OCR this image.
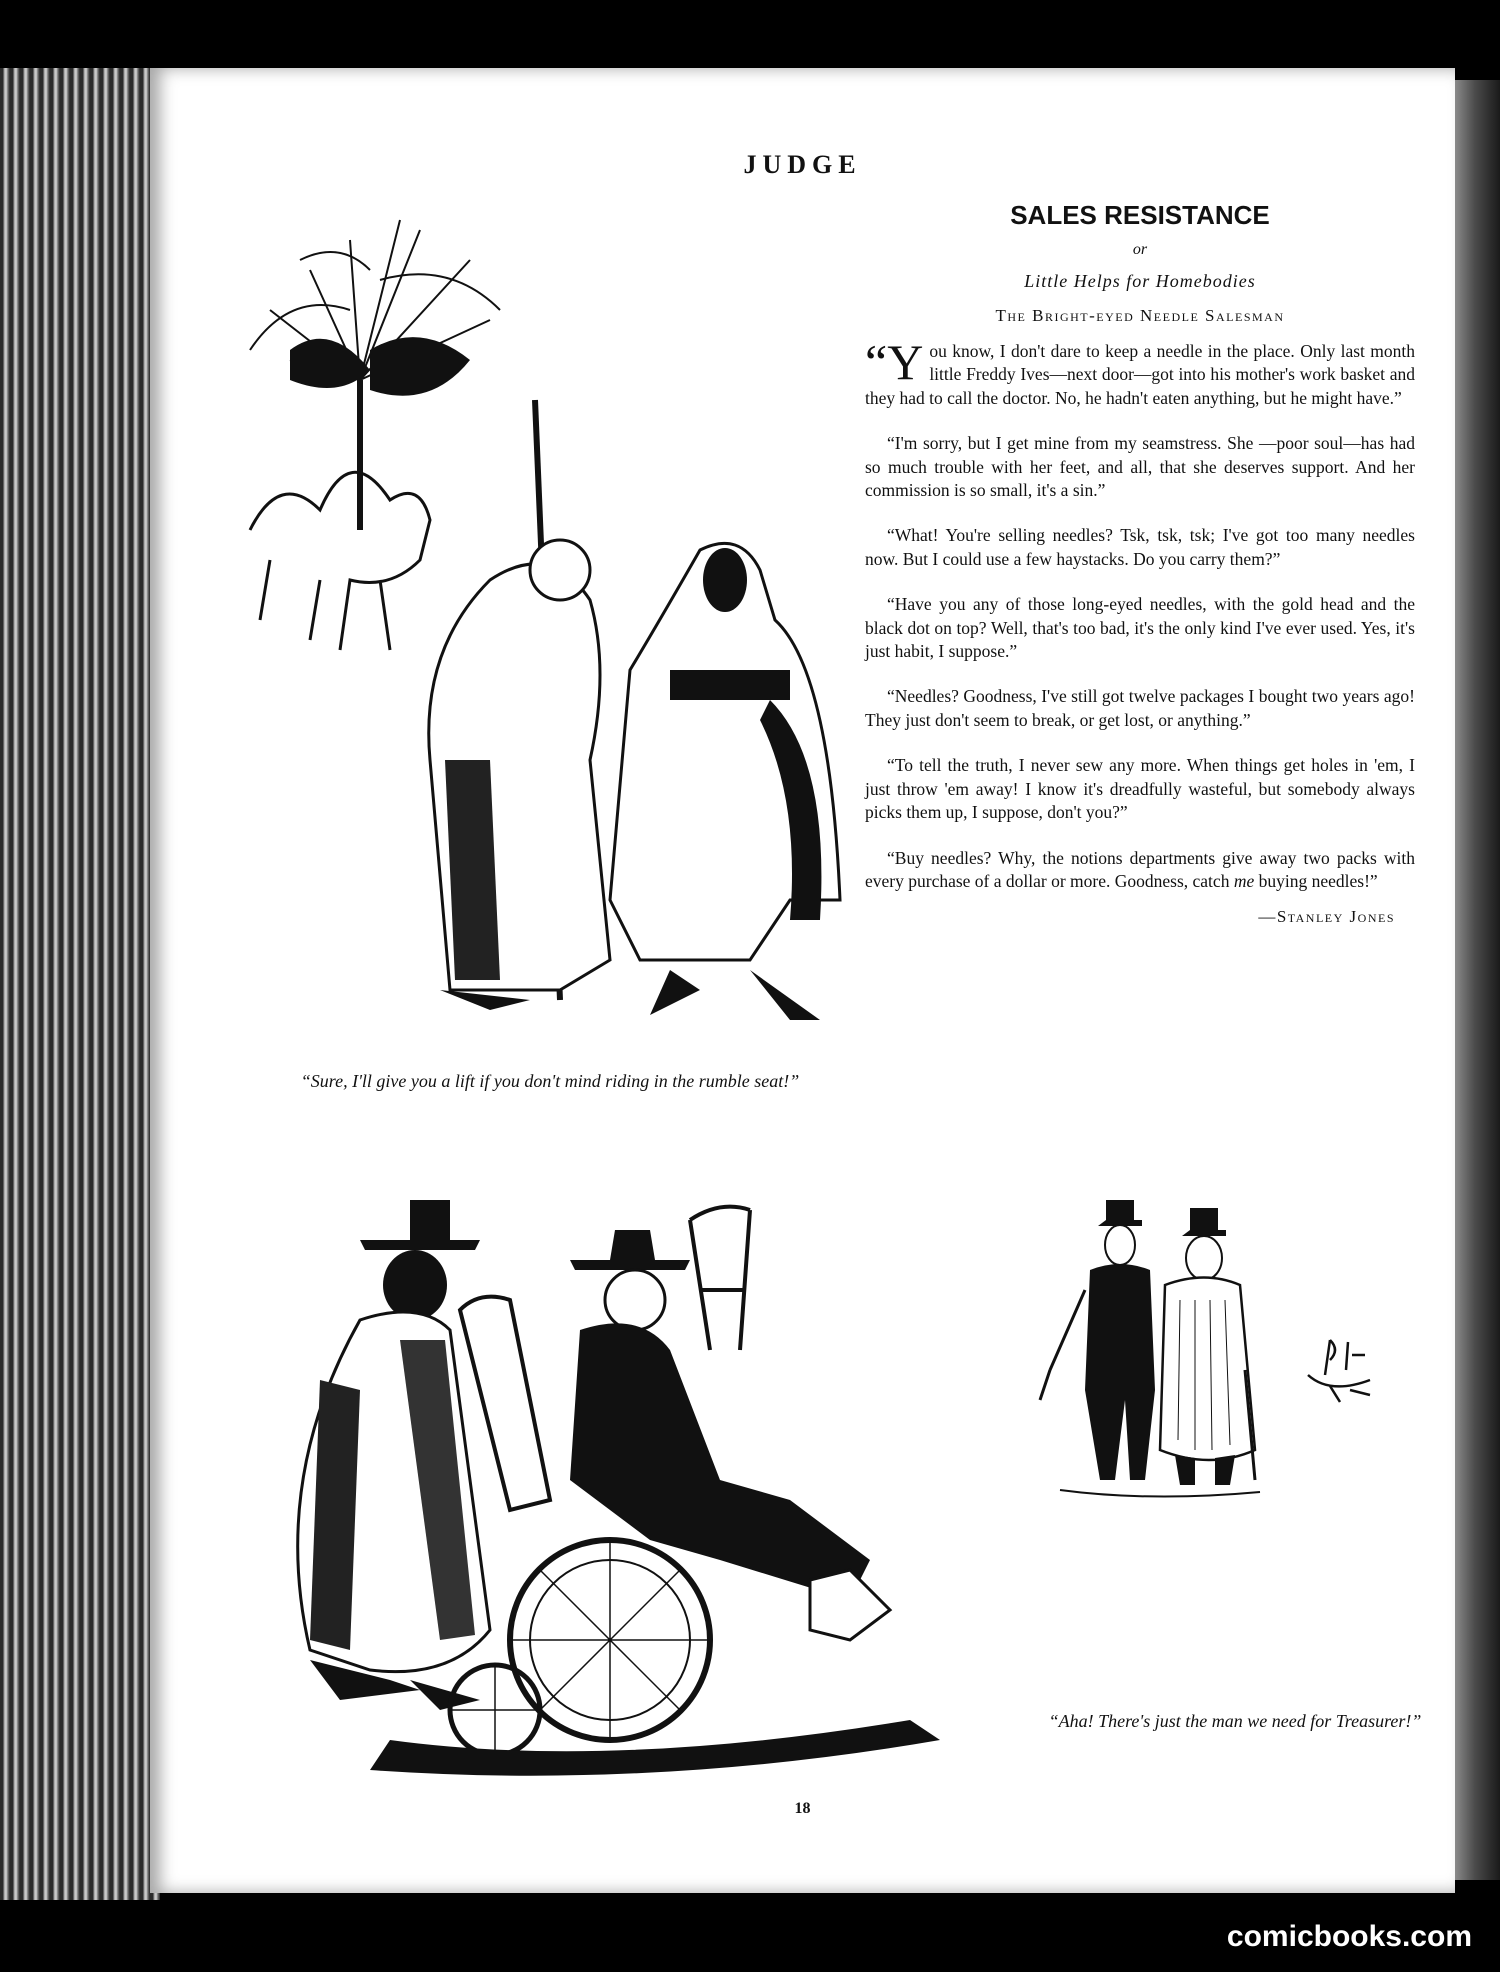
JUDGE
“Sure, I'll give you a lift if you don't mind riding in the rumble seat!”
SALES RESISTANCE
or
Little Helps for Homebodies
The Bright-eyed Needle Salesman

“You know, I don't dare to keep a needle in the place. Only last month little Freddy Ives—next door—got into his mother's work basket and they had to call the doctor. No, he hadn't eaten anything, but he might have.”

“I'm sorry, but I get mine from my seamstress. She —poor soul—has had so much trouble with her feet, and all, that she deserves support. And her commission is so small, it's a sin.”

“What! You're selling needles? Tsk, tsk, tsk; I've got too many needles now. But I could use a few haystacks. Do you carry them?”

“Have you any of those long-eyed needles, with the gold head and the black dot on top? Well, that's too bad, it's the only kind I've ever used. Yes, it's just habit, I suppose.”

“Needles? Goodness, I've still got twelve packages I bought two years ago! They just don't seem to break, or get lost, or anything.”

“To tell the truth, I never sew any more. When things get holes in 'em, I just throw 'em away! I know it's dreadfully wasteful, but somebody always picks them up, I suppose, don't you?”

“Buy needles? Why, the notions departments give away two packs with every purchase of a dollar or more. Goodness, catch me buying needles!”

—Stanley Jones
“Aha! There's just the man we need for Treasurer!”
18
comicbooks.com
